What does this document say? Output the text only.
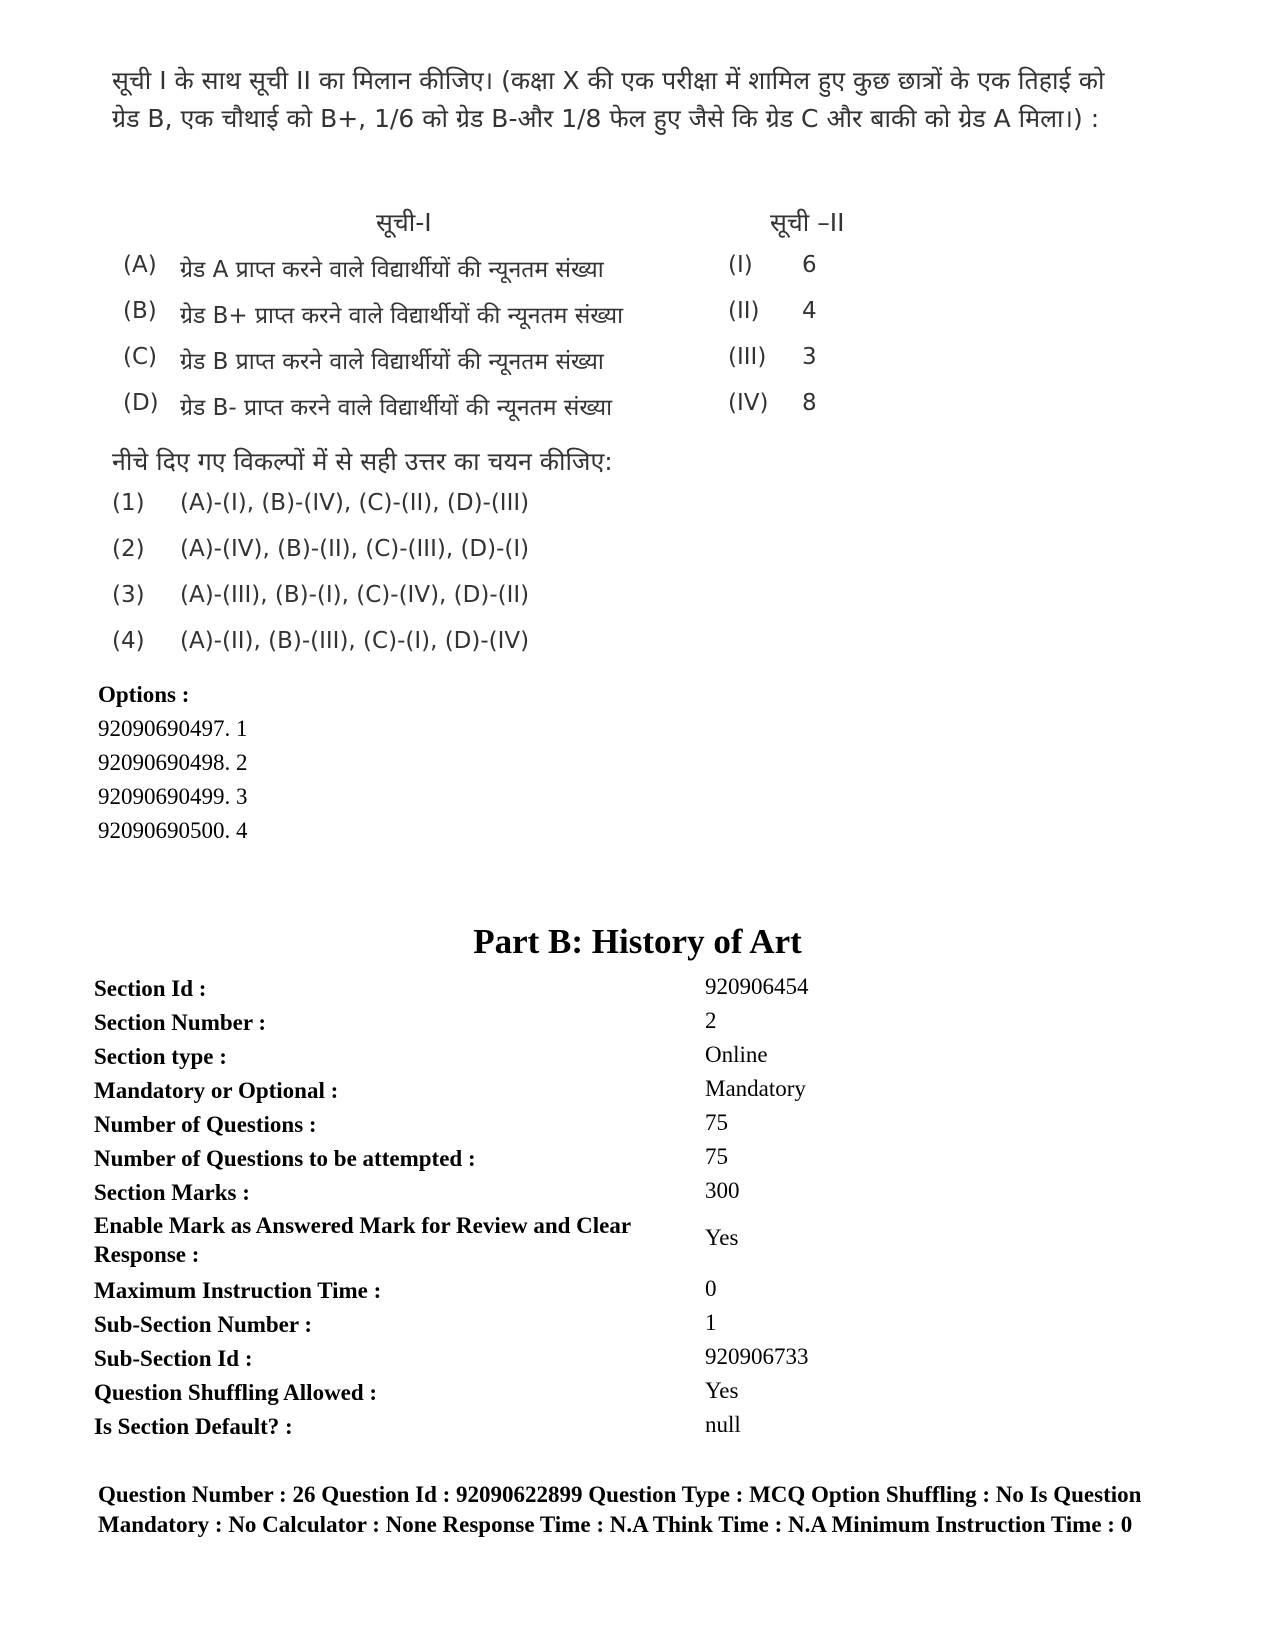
सूची I के साथ सूची II का मिलान कीजिए। (कक्षा X की एक परीक्षा में शामिल हुए कुछ छात्रों के एक तिहाई को ग्रेड B, एक चौथाई को B+, 1/6 को ग्रेड B-और 1/8 फेल हुए जैसे कि ग्रेड C और बाकी को ग्रेड A मिला।) :
सूची-I	सूची –II
(A) ग्रेड A प्राप्त करने वाले विद्यार्थीयों की न्यूनतम संख्या	(I) 6
(B) ग्रेड B+ प्राप्त करने वाले विद्यार्थीयों की न्यूनतम संख्या	(II) 4
(C) ग्रेड B प्राप्त करने वाले विद्यार्थीयों की न्यूनतम संख्या	(III) 3
(D) ग्रेड B- प्राप्त करने वाले विद्यार्थीयों की न्यूनतम संख्या	(IV) 8
नीचे दिए गए विकल्पों में से सही उत्तर का चयन कीजिए:
(1) (A)-(I), (B)-(IV), (C)-(II), (D)-(III)
(2) (A)-(IV), (B)-(II), (C)-(III), (D)-(I)
(3) (A)-(III), (B)-(I), (C)-(IV), (D)-(II)
(4) (A)-(II), (B)-(III), (C)-(I), (D)-(IV)
Options :
92090690497. 1
92090690498. 2
92090690499. 3
92090690500. 4
Part B: History of Art
Section Id :	920906454
Section Number :	2
Section type :	Online
Mandatory or Optional :	Mandatory
Number of Questions :	75
Number of Questions to be attempted :	75
Section Marks :	300
Enable Mark as Answered Mark for Review and Clear Response :
Yes
Maximum Instruction Time :	0
Sub-Section Number :	1
Sub-Section Id :	920906733
Question Shuffling Allowed :	Yes
Is Section Default? :	null
Question Number : 26 Question Id : 92090622899 Question Type : MCQ Option Shuffling : No Is Question Mandatory : No Calculator : None Response Time : N.A Think Time : N.A Minimum Instruction Time : 0
